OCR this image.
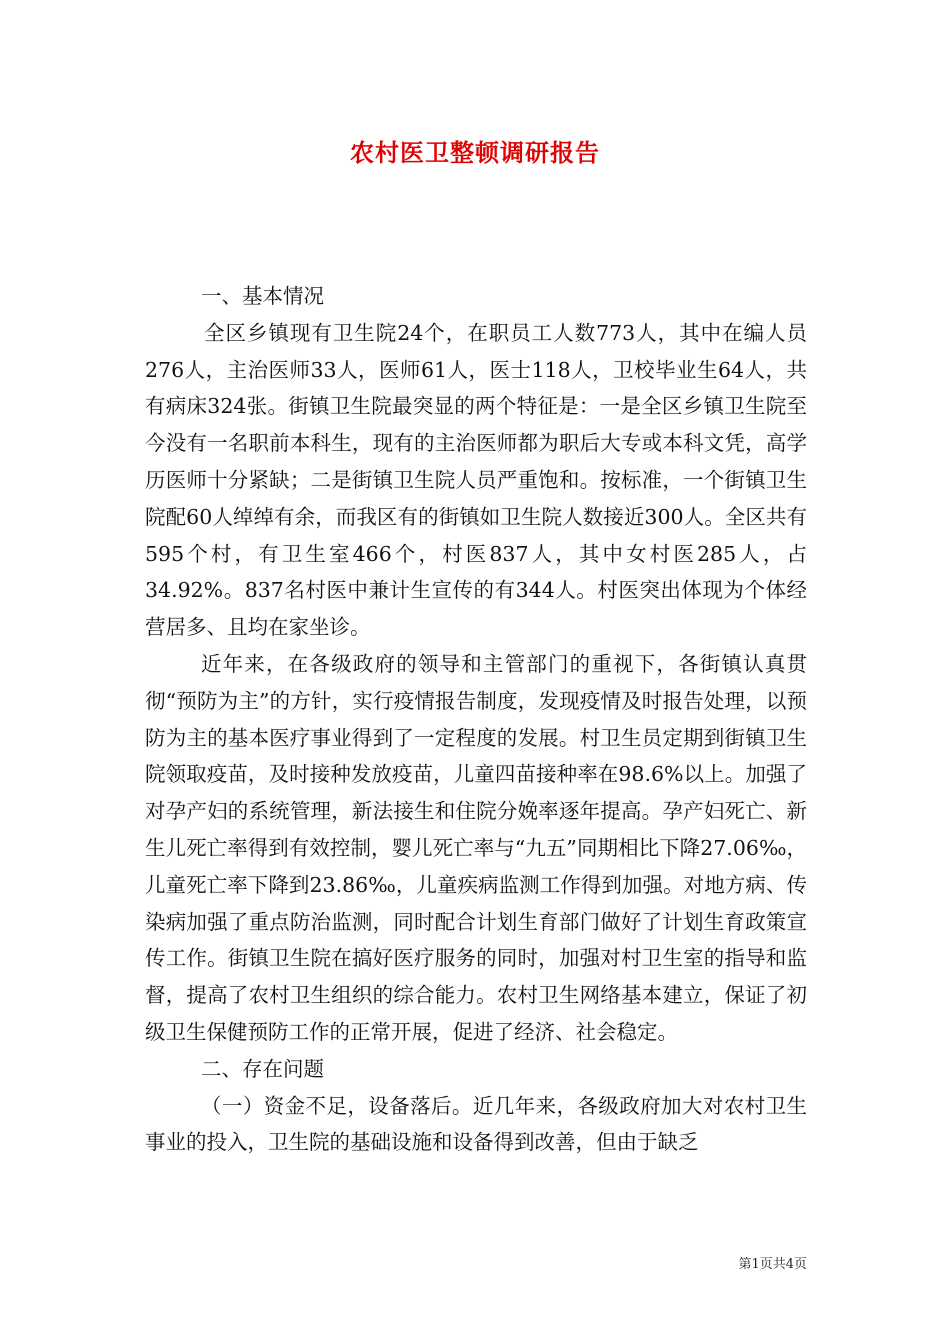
农村医卫整顿调研报告

一、基本情况

全区乡镇现有卫生院24个，在职员工人数773人，其中在编人员276人，主治医师33人，医师61人，医士118人，卫校毕业生64人，共有病床324张。街镇卫生院最突显的两个特征是：一是全区乡镇卫生院至今没有一名职前本科生，现有的主治医师都为职后大专或本科文凭，高学历医师十分紧缺；二是街镇卫生院人员严重饱和。按标准，一个街镇卫生院配60人绰绰有余，而我区有的街镇如卫生院人数接近300人。全区共有595个村，有卫生室466个，村医837人，其中女村医285人，占34.92%。837名村医中兼计生宣传的有344人。村医突出体现为个体经营居多、且均在家坐诊。

近年来，在各级政府的领导和主管部门的重视下，各街镇认真贯彻“预防为主”的方针，实行疫情报告制度，发现疫情及时报告处理，以预防为主的基本医疗事业得到了一定程度的发展。村卫生员定期到街镇卫生院领取疫苗，及时接种发放疫苗，儿童四苗接种率在98.6%以上。加强了对孕产妇的系统管理，新法接生和住院分娩率逐年提高。孕产妇死亡、新生儿死亡率得到有效控制，婴儿死亡率与“九五”同期相比下降27.06‰，儿童死亡率下降到23.86‰，儿童疾病监测工作得到加强。对地方病、传染病加强了重点防治监测，同时配合计划生育部门做好了计划生育政策宣传工作。街镇卫生院在搞好医疗服务的同时，加强对村卫生室的指导和监督，提高了农村卫生组织的综合能力。农村卫生网络基本建立，保证了初级卫生保健预防工作的正常开展，促进了经济、社会稳定。

二、存在问题

（一）资金不足，设备落后。近几年来，各级政府加大对农村卫生事业的投入，卫生院的基础设施和设备得到改善，但由于缺乏

第1页共4页
